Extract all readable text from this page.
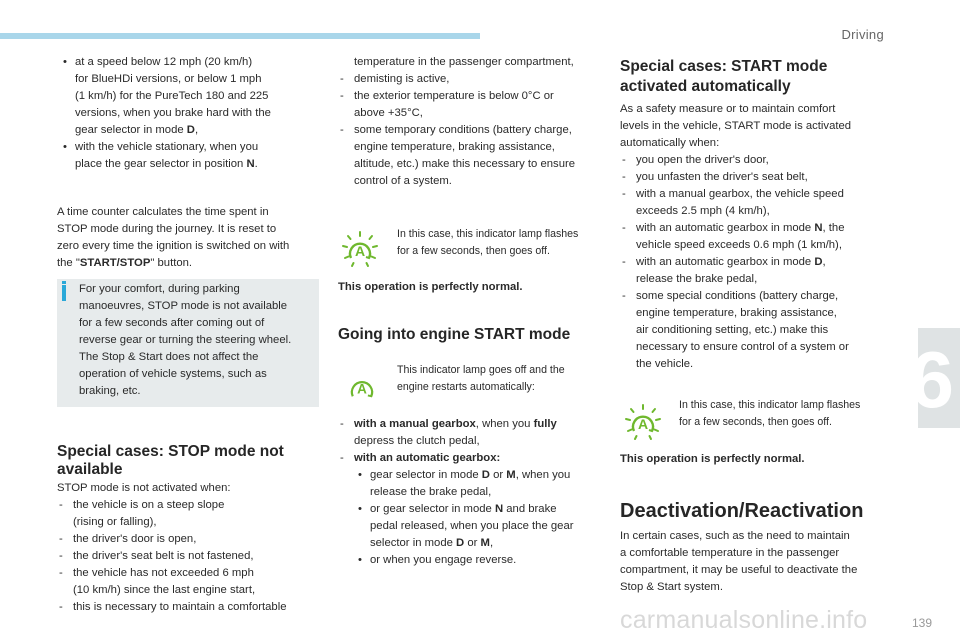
Driving
6
139
carmanualsonline.info
• at a speed below 12 mph (20 km/h)
for BlueHDi versions, or below 1 mph
(1 km/h) for the PureTech 180 and 225
versions, when you brake hard with the
gear selector in mode D,
• with the vehicle stationary, when you
place the gear selector in position N.
A time counter calculates the time spent in
STOP mode during the journey. It is reset to
zero every time the ignition is switched on with
the "START/STOP" button.
For your comfort, during parking
manoeuvres, STOP mode is not available
for a few seconds after coming out of
reverse gear or turning the steering wheel.
The Stop & Start does not affect the
operation of vehicle systems, such as
braking, etc.
Special cases: STOP mode not
available
STOP mode is not activated when:
- the vehicle is on a steep slope
(rising or falling),
- the driver's door is open,
- the driver's seat belt is not fastened,
- the vehicle has not exceeded 6 mph
(10 km/h) since the last engine start,
- this is necessary to maintain a comfortable
temperature in the passenger compartment,
- demisting is active,
- the exterior temperature is below 0°C or
above +35°C,
- some temporary conditions (battery charge,
engine temperature, braking assistance,
altitude, etc.) make this necessary to ensure
control of a system.
A
In this case, this indicator lamp flashes
for a few seconds, then goes off.
This operation is perfectly normal.
Going into engine START mode
A
This indicator lamp goes off and the
engine restarts automatically:
- with a manual gearbox, when you fully
depress the clutch pedal,
- with an automatic gearbox:
• gear selector in mode D or M, when you
release the brake pedal,
• or gear selector in mode N and brake
pedal released, when you place the gear
selector in mode D or M,
• or when you engage reverse.
Special cases: START mode
activated automatically
As a safety measure or to maintain comfort
levels in the vehicle, START mode is activated
automatically when:
- you open the driver's door,
- you unfasten the driver's seat belt,
- with a manual gearbox, the vehicle speed
exceeds 2.5 mph (4 km/h),
- with an automatic gearbox in mode N, the
vehicle speed exceeds 0.6 mph (1 km/h),
- with an automatic gearbox in mode D,
release the brake pedal,
- some special conditions (battery charge,
engine temperature, braking assistance,
air conditioning setting, etc.) make this
necessary to ensure control of a system or
the vehicle.
A
In this case, this indicator lamp flashes
for a few seconds, then goes off.
This operation is perfectly normal.
Deactivation/Reactivation
In certain cases, such as the need to maintain
a comfortable temperature in the passenger
compartment, it may be useful to deactivate the
Stop & Start system.
